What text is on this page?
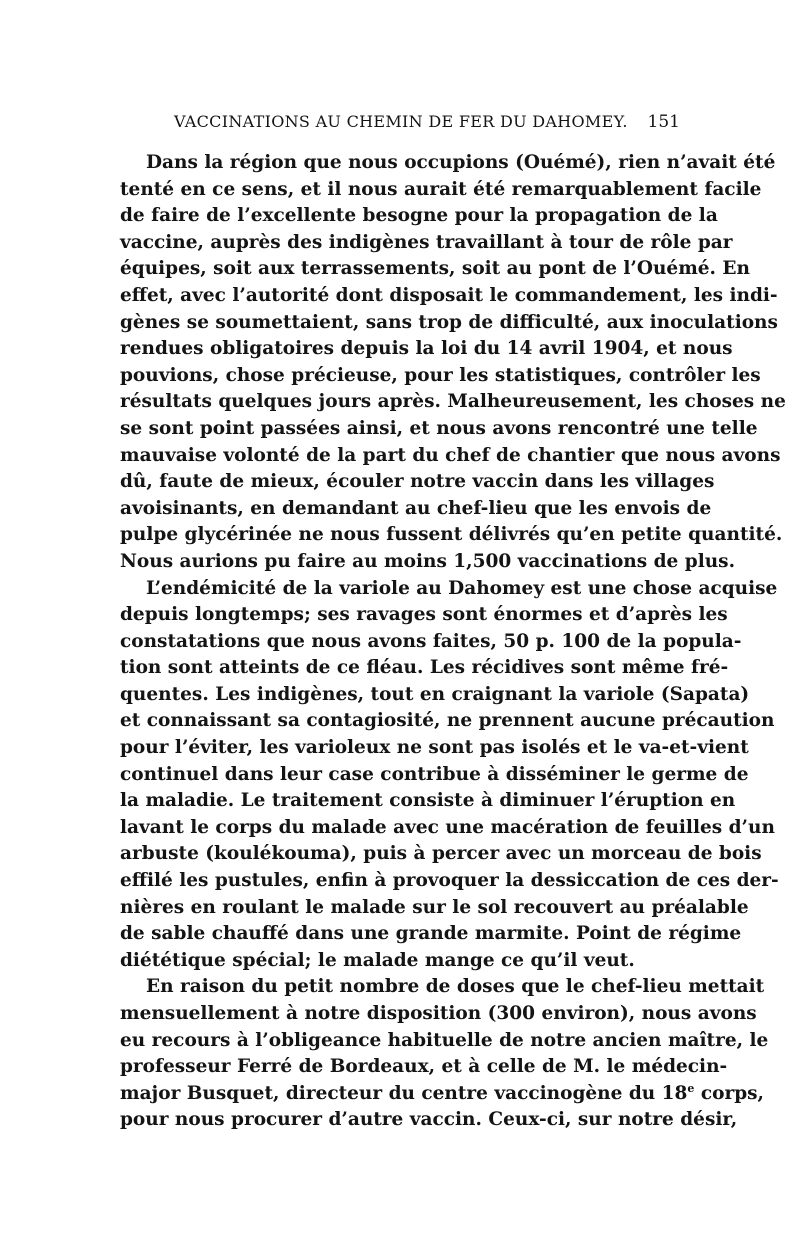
VACCINATIONS AU CHEMIN DE FER DU DAHOMEY. 151
Dans la région que nous occupions (Ouémé), rien n’avait été
tenté en ce sens, et il nous aurait été remarquablement facile
de faire de l’excellente besogne pour la propagation de la
vaccine, auprès des indigènes travaillant à tour de rôle par
équipes, soit aux terrassements, soit au pont de l’Ouémé. En
effet, avec l’autorité dont disposait le commandement, les indi-
gènes se soumettaient, sans trop de difficulté, aux inoculations
rendues obligatoires depuis la loi du 14 avril 1904, et nous
pouvions, chose précieuse, pour les statistiques, contrôler les
résultats quelques jours après. Malheureusement, les choses ne
se sont point passées ainsi, et nous avons rencontré une telle
mauvaise volonté de la part du chef de chantier que nous avons
dû, faute de mieux, écouler notre vaccin dans les villages
avoisinants, en demandant au chef-lieu que les envois de
pulpe glycérinée ne nous fussent délivrés qu’en petite quantité.
Nous aurions pu faire au moins 1,500 vaccinations de plus.
L’endémicité de la variole au Dahomey est une chose acquise
depuis longtemps; ses ravages sont énormes et d’après les
constatations que nous avons faites, 50 p. 100 de la popula-
tion sont atteints de ce fléau. Les récidives sont même fré-
quentes. Les indigènes, tout en craignant la variole (Sapata)
et connaissant sa contagiosité, ne prennent aucune précaution
pour l’éviter, les varioleux ne sont pas isolés et le va-et-vient
continuel dans leur case contribue à disséminer le germe de
la maladie. Le traitement consiste à diminuer l’éruption en
lavant le corps du malade avec une macération de feuilles d’un
arbuste (koulékouma), puis à percer avec un morceau de bois
effilé les pustules, enfin à provoquer la dessiccation de ces der-
nières en roulant le malade sur le sol recouvert au préalable
de sable chauffé dans une grande marmite. Point de régime
diététique spécial; le malade mange ce qu’il veut.
En raison du petit nombre de doses que le chef-lieu mettait
mensuellement à notre disposition (300 environ), nous avons
eu recours à l’obligeance habituelle de notre ancien maître, le
professeur Ferré de Bordeaux, et à celle de M. le médecin-
major Busquet, directeur du centre vaccinogène du 18e corps,
pour nous procurer d’autre vaccin. Ceux-ci, sur notre désir,
